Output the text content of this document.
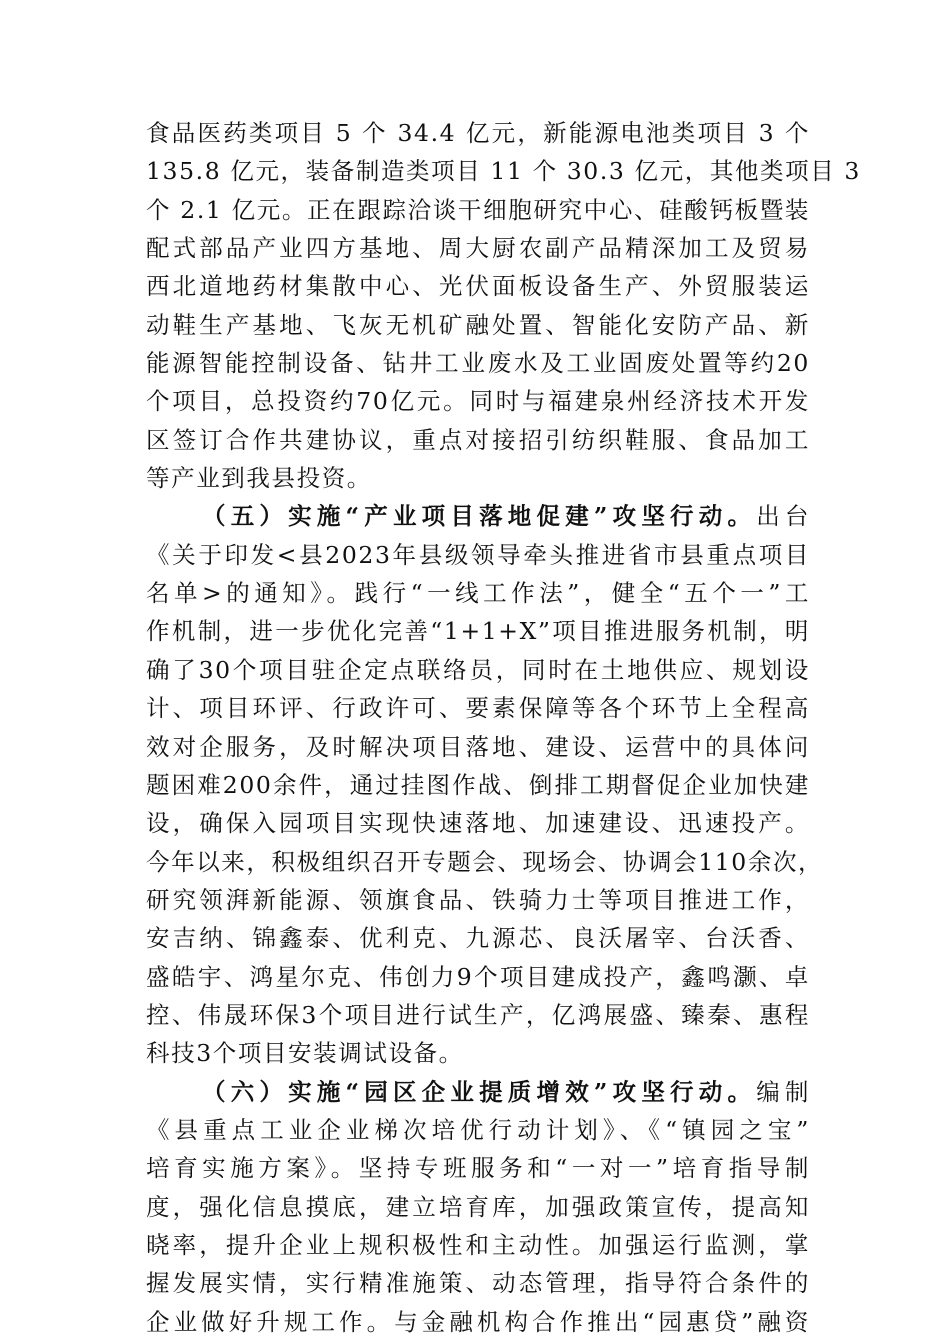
食品医药类项目 5 个 34.4 亿元，新能源电池类项目 3 个
135.8 亿元，装备制造类项目 11 个 30.3 亿元，其他类项目 3
个 2.1 亿元。正在跟踪洽谈干细胞研究中心、硅酸钙板暨装
配式部品产业四方基地、周大厨农副产品精深加工及贸易
西北道地药材集散中心、光伏面板设备生产、外贸服装运
动鞋生产基地、飞灰无机矿融处置、智能化安防产品、新
能源智能控制设备、钻井工业废水及工业固废处置等约20
个项目，总投资约70亿元。同时与福建泉州经济技术开发
区签订合作共建协议，重点对接招引纺织鞋服、食品加工
等产业到我县投资。
（五）实施“产业项目落地促建”攻坚行动。出台
《关于印发<县2023年县级领导牵头推进省市县重点项目
名单>的通知》。践行“一线工作法”，健全“五个一”工
作机制，进一步优化完善“1+1+X”项目推进服务机制，明
确了30个项目驻企定点联络员，同时在土地供应、规划设
计、项目环评、行政许可、要素保障等各个环节上全程高
效对企服务，及时解决项目落地、建设、运营中的具体问
题困难200余件，通过挂图作战、倒排工期督促企业加快建
设，确保入园项目实现快速落地、加速建设、迅速投产。
今年以来，积极组织召开专题会、现场会、协调会110余次，
研究领湃新能源、领旗食品、铁骑力士等项目推进工作，
安吉纳、锦鑫泰、优利克、九源芯、良沃屠宰、台沃香、
盛皓宇、鸿星尔克、伟创力9个项目建成投产，鑫鸣灏、卓
控、伟晟环保3个项目进行试生产，亿鸿展盛、臻秦、惠程
科技3个项目安装调试设备。
（六）实施“园区企业提质增效”攻坚行动。编制
《县重点工业企业梯次培优行动计划》、《“镇园之宝”
培育实施方案》。坚持专班服务和“一对一”培育指导制
度，强化信息摸底，建立培育库，加强政策宣传，提高知
晓率，提升企业上规积极性和主动性。加强运行监测，掌
握发展实情，实行精准施策、动态管理，指导符合条件的
企业做好升规工作。与金融机构合作推出“园惠贷”融资
